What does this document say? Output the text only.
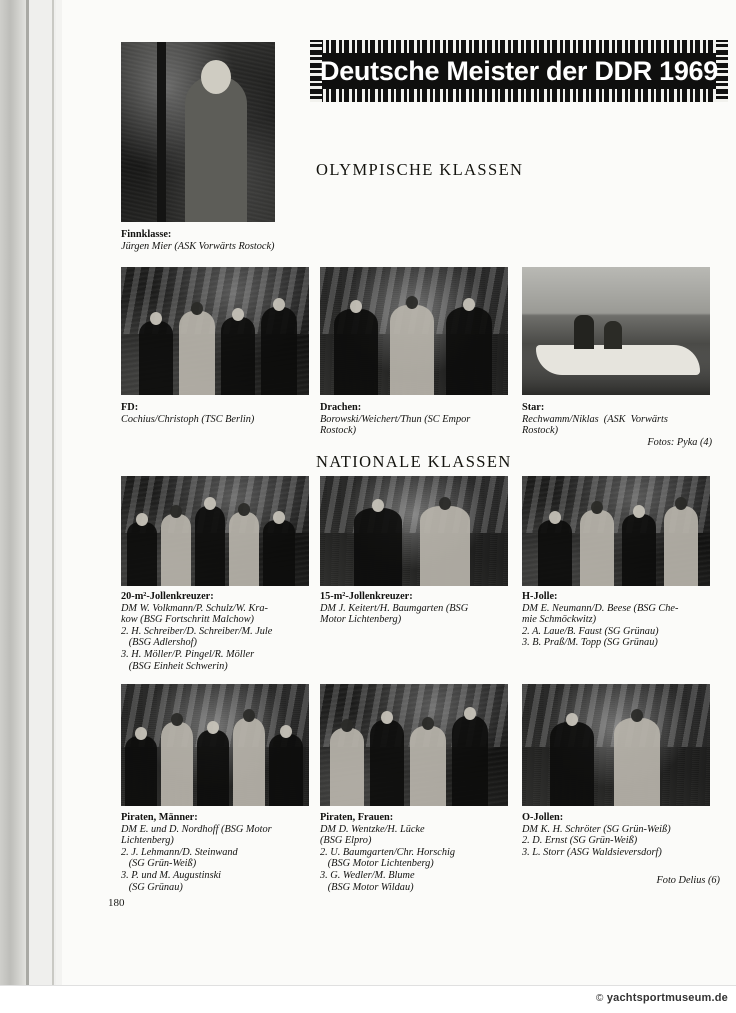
Deutsche Meister der DDR 1969
Finnklasse:

Jürgen Mier (ASK Vorwärts Rostock)
OLYMPISCHE KLASSEN
FD:

Cochius/Christoph (TSC Berlin)
Drachen:

Borowski/Weichert/Thun (SC Empor
Rostock)
Star:

Rechwamm/Niklas  (ASK  Vorwärts
Rostock)
Fotos: Pyka (4)
NATIONALE KLASSEN
20-m²-Jollenkreuzer:

DM W. Volkmann/P. Schulz/W. Kra-
kow (BSG Fortschritt Malchow)
2. H. Schreiber/D. Schreiber/M. Jule
(BSG Adlershof)
3. H. Möller/P. Pingel/R. Möller
(BSG Einheit Schwerin)
15-m²-Jollenkreuzer:

DM J. Keitert/H. Baumgarten (BSG
Motor Lichtenberg)
H-Jolle:

DM E. Neumann/D. Beese (BSG Che-
mie Schmöckwitz)
2. A. Laue/B. Faust (SG Grünau)
3. B. Praß/M. Topp (SG Grünau)
Piraten, Männer:

DM E. und D. Nordhoff (BSG Motor
Lichtenberg)
2. J. Lehmann/D. Steinwand
(SG Grün-Weiß)
3. P. und M. Augustinski
(SG Grünau)
Piraten, Frauen:

DM D. Wentzke/H. Lücke
(BSG Elpro)
2. U. Baumgarten/Chr. Horschig
(BSG Motor Lichtenberg)
3. G. Wedler/M. Blume
(BSG Motor Wildau)
O-Jollen:

DM K. H. Schröter (SG Grün-Weiß)
2. D. Ernst (SG Grün-Weiß)
3. L. Storr (ASG Waldsieversdorf)
Foto Delius (6)
180
© yachtsportmuseum.de
